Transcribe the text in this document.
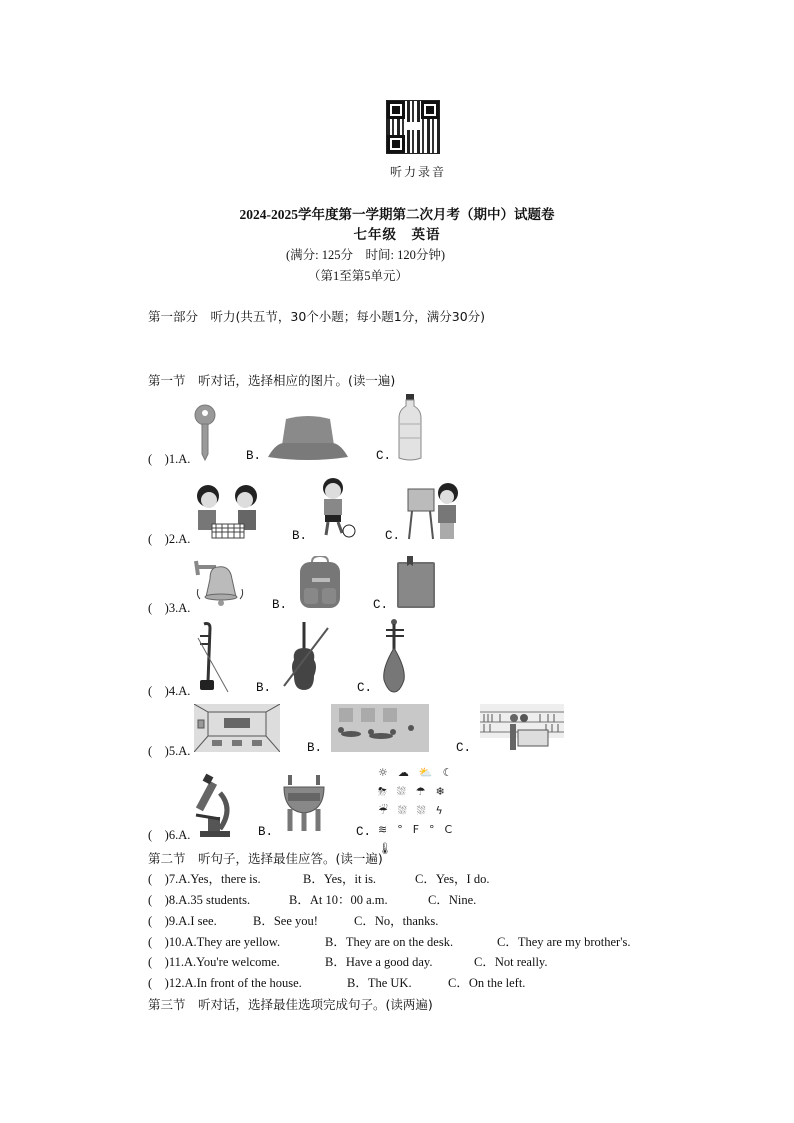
听力录音
2024-2025学年度第一学期第二次月考（期中）试题卷
七年级　英语
(满分: 125分　时间: 120分钟)
（第1至第5单元）
第一部分　听力(共五节，30个小题；每小题1分，满分30分)
第一节　听对话，选择相应的图片。(读一遍)
(　)1.A.	B.	C.
(　)2.A.	B.	C.
(　)3.A.	B.	C.
(　)4.A.	B.	C.
(　)5.A.	B.	C.
(　)6.A.	B.	C.
☼☁⛅☾
⛈⛆☂❄
☔⛆⛆ϟ
≋°F°C🌡
第二节　听句子，选择最佳应答。(读一遍)
(　)7.A.Yes，there is.	B．Yes，it is.	C．Yes，I do.
(　)8.A.35 students.	B．At 10：00 a.m.	C．Nine.
(　)9.A.I see.	B．See you!	C．No，thanks.
(　)10.A.They are yellow.	B．They are on the desk.	C．They are my brother's.
(　)11.A.You're welcome.	B．Have a good day.	C．Not really.
(　)12.A.In front of the house.	B．The UK.	C．On the left.
第三节　听对话，选择最佳选项完成句子。(读两遍)
